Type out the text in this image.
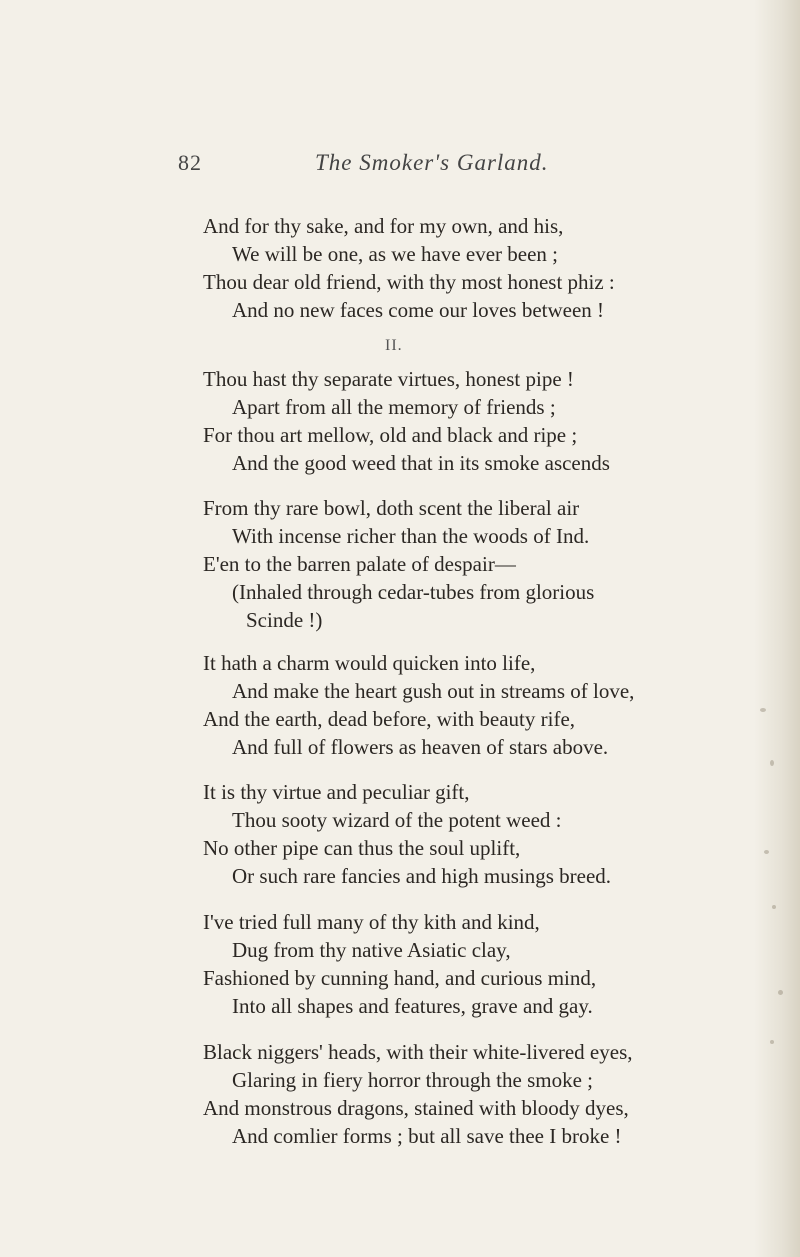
82	The Smoker's Garland.
And for thy sake, and for my own, and his,
We will be one, as we have ever been ;
Thou dear old friend, with thy most honest phiz :
And no new faces come our loves between !
II.
Thou hast thy separate virtues, honest pipe !
Apart from all the memory of friends ;
For thou art mellow, old and black and ripe ;
And the good weed that in its smoke ascends
From thy rare bowl, doth scent the liberal air
With incense richer than the woods of Ind.
E'en to the barren palate of despair—
(Inhaled through cedar-tubes from glorious
Scinde !)
It hath a charm would quicken into life,
And make the heart gush out in streams of love,
And the earth, dead before, with beauty rife,
And full of flowers as heaven of stars above.
It is thy virtue and peculiar gift,
Thou sooty wizard of the potent weed :
No other pipe can thus the soul uplift,
Or such rare fancies and high musings breed.
I've tried full many of thy kith and kind,
Dug from thy native Asiatic clay,
Fashioned by cunning hand, and curious mind,
Into all shapes and features, grave and gay.
Black niggers' heads, with their white-livered eyes,
Glaring in fiery horror through the smoke ;
And monstrous dragons, stained with bloody dyes,
And comlier forms ; but all save thee I broke !
